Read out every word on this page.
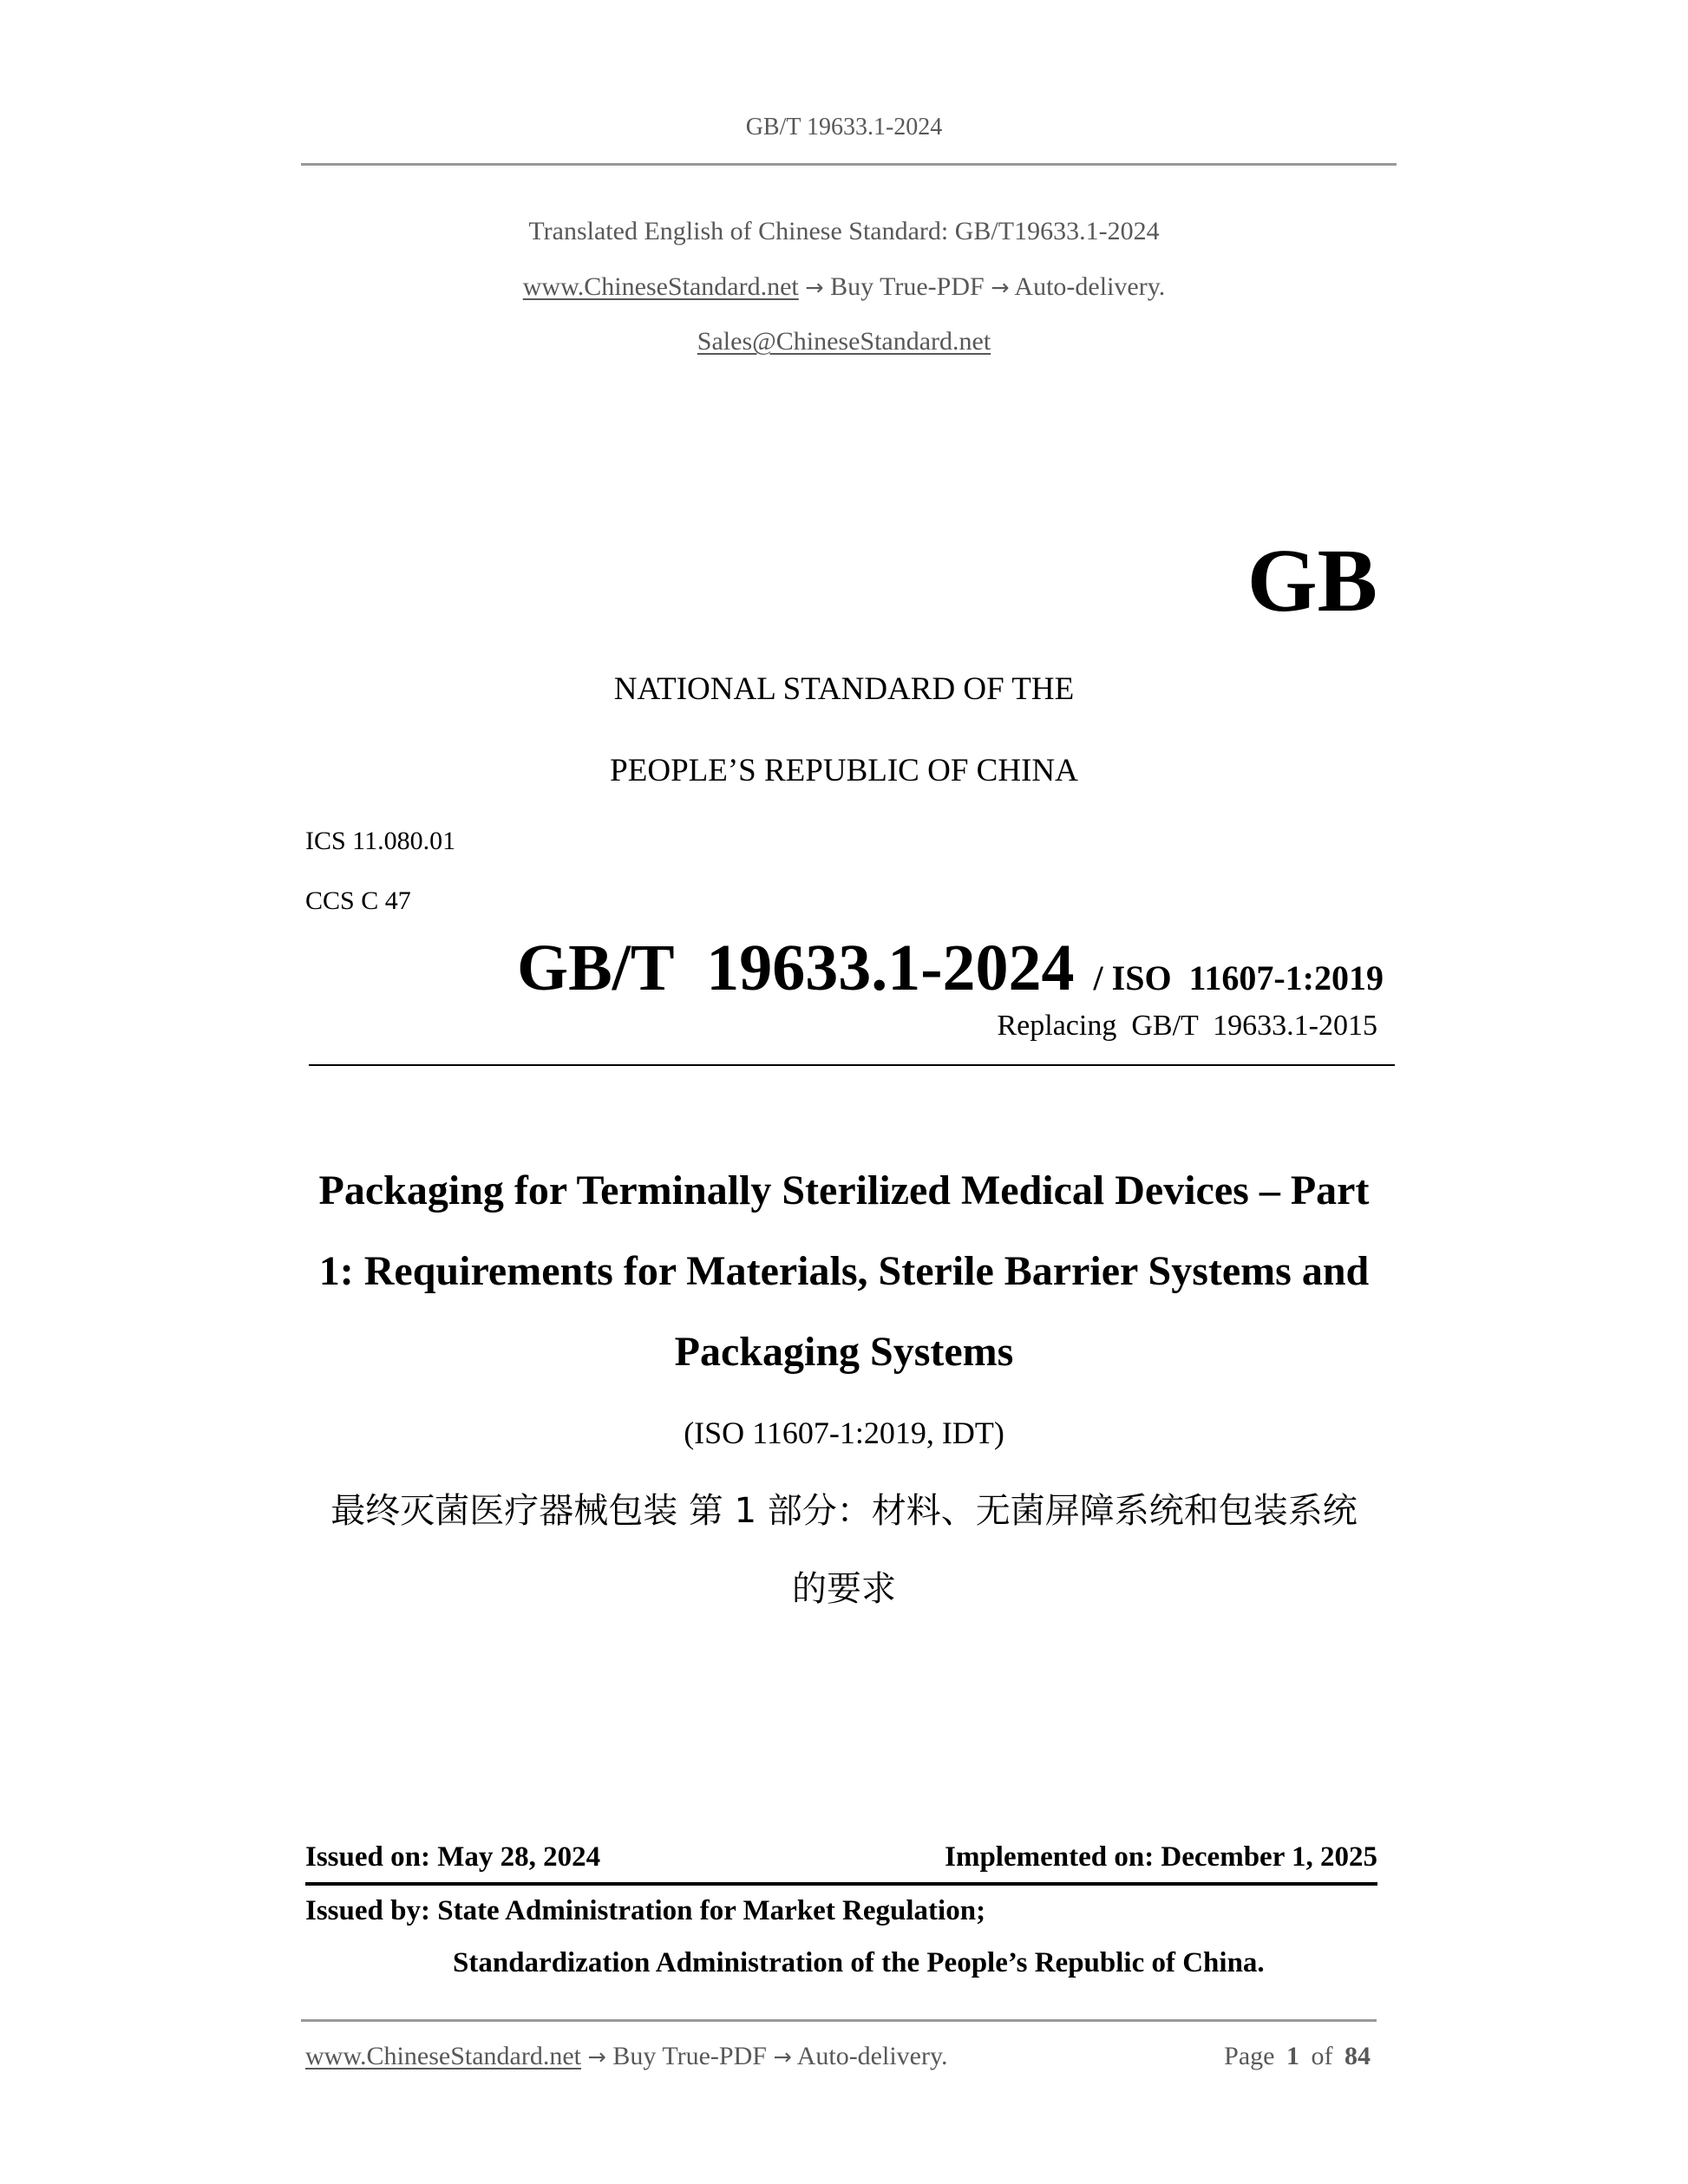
GB/T 19633.1-2024
Translated English of Chinese Standard: GB/T19633.1-2024
www.ChineseStandard.net → Buy True-PDF → Auto-delivery.
Sales@ChineseStandard.net
GB
NATIONAL STANDARD OF THE
PEOPLE’S REPUBLIC OF CHINA
ICS 11.080.01
CCS C 47
GB/T  19633.1-2024 / ISO  11607-1:2019
Replacing  GB/T  19633.1-2015
Packaging for Terminally Sterilized Medical Devices – Part
1: Requirements for Materials, Sterile Barrier Systems and
Packaging Systems
(ISO 11607-1:2019, IDT)
最终灭菌医疗器械包装 第 1 部分：材料、无菌屏障系统和包装系统
的要求
Issued on: May 28, 2024	Implemented on: December 1, 2025
Issued by: State Administration for Market Regulation;
Standardization Administration of the People’s Republic of China.
www.ChineseStandard.net → Buy True-PDF → Auto-delivery.	Page 1 of 84
